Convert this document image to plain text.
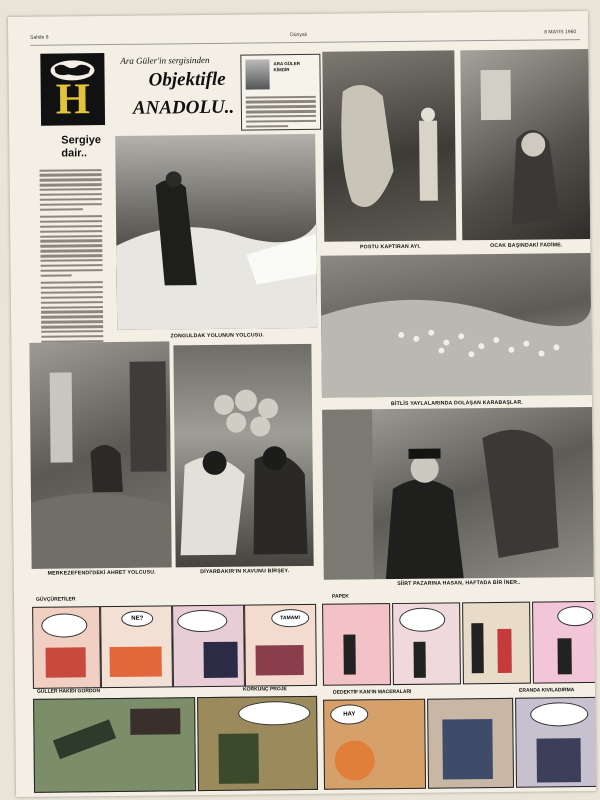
Sahife 8	Dünyalı	8 MAYIS 1960
H
Ara Güler'in sergisinden
Objektifle
ANADOLU..
ARA GÜLER KİMDİR
Sergiye dair..
POSTU KAPTIRAN AYI.	OCAK BAŞINDAKİ FADİME.
ZONGULDAK YOLUNUN YOLCUSU.
BİTLİS YAYLALARINDA DOLAŞAN KARABAŞLAR.
MERKEZEFENDİ'DEKİ AHRET YOLCUSU.	DİYARBAKIR'IN KAVUNU BİRŞEY.
SİİRT PAZARINA HASAN, HAFTADA BİR İNER..
GÜVÇÜRETİLER
NE?	TAMAM!
PAPEK
GÜLLER HAKİDI GORDON	KORKUNÇ PROJE	DEDEKTİF KAN'IN MACERALARI
HAY
ERANDA KIVILADIRMA
